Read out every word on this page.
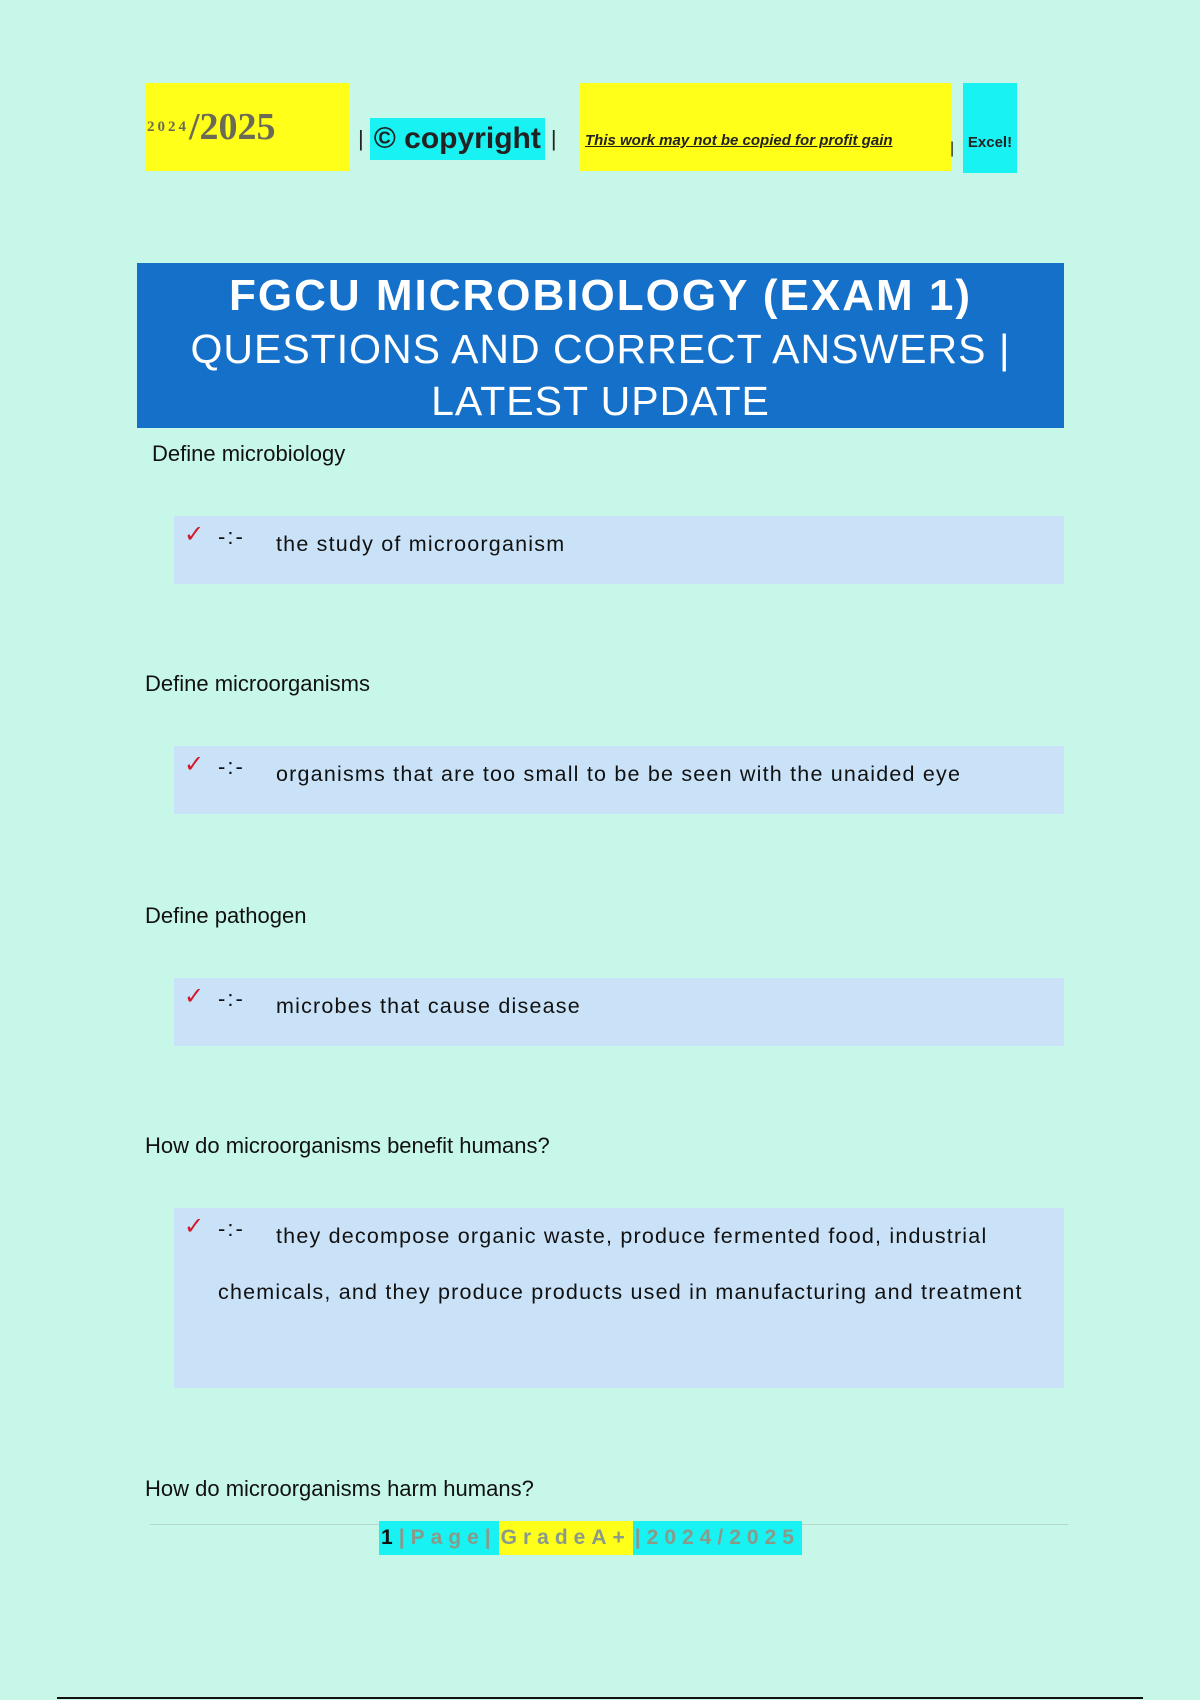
2024 /2025	| © copyright | This work may not be copied for profit gain	| Excel!
FGCU MICROBIOLOGY (EXAM 1)
QUESTIONS AND CORRECT ANSWERS |
LATEST UPDATE
Define microbiology
✓ -:-	the study of microorganism
Define microorganisms
✓ -:-	organisms that are too small to be be seen with the unaided eye
Define pathogen
✓ -:-	microbes that cause disease
How do microorganisms benefit humans?
✓ -:-	they decompose organic waste, produce fermented food, industrial chemicals, and they produce products used in manufacturing and treatment
How do microorganisms harm humans?
1 |Page| GradeA+ |2024/2025
